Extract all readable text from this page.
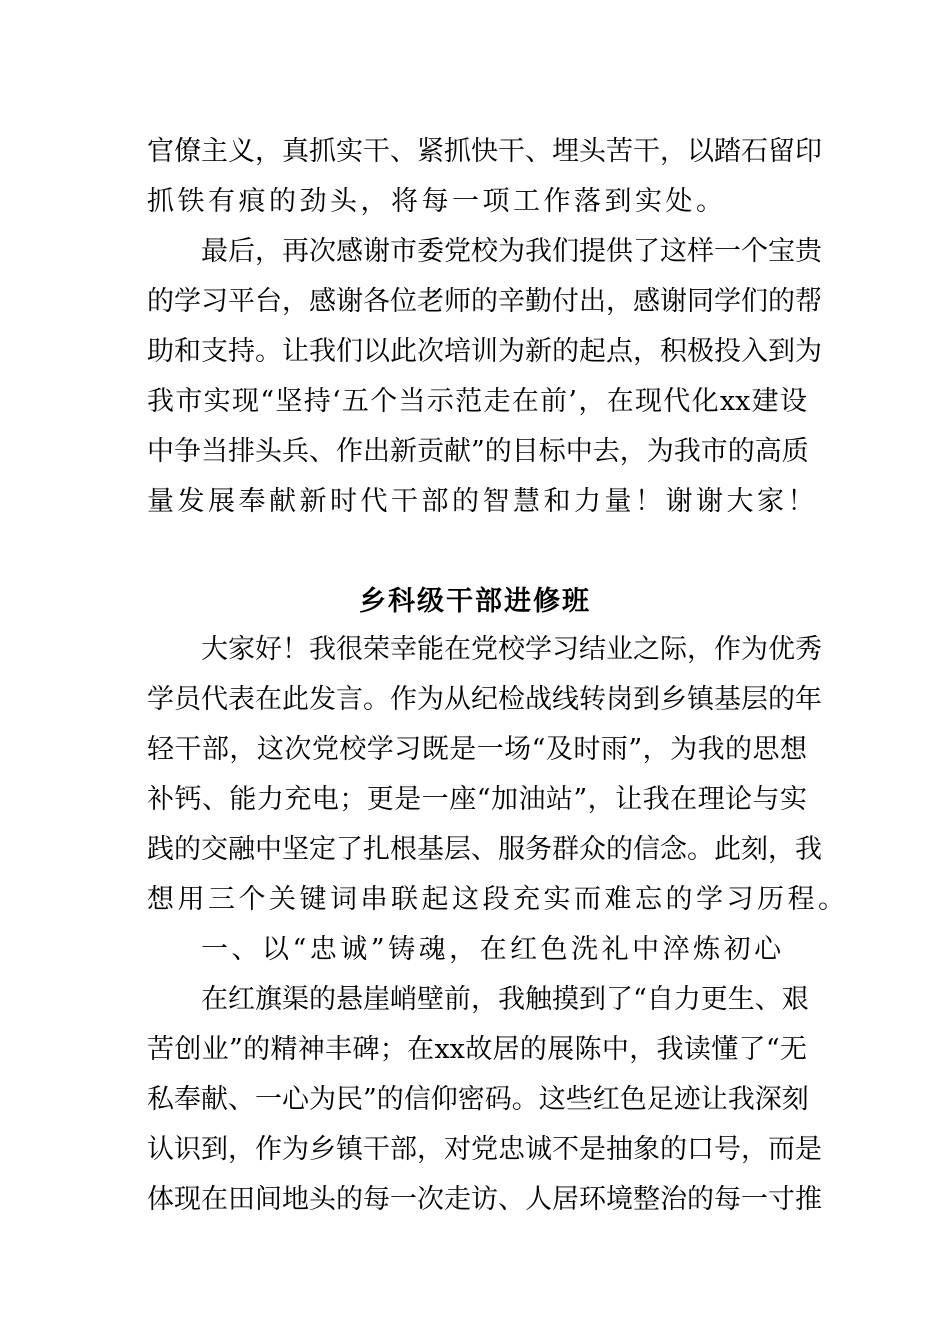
官僚主义，真抓实干、紧抓快干、埋头苦干，以踏石留印
抓铁有痕的劲头，将每一项工作落到实处。
最后，再次感谢市委党校为我们提供了这样一个宝贵
的学习平台，感谢各位老师的辛勤付出，感谢同学们的帮
助和支持。让我们以此次培训为新的起点，积极投入到为
我市实现“坚持‘五个当示范走在前’，在现代化xx建设
中争当排头兵、作出新贡献”的目标中去，为我市的高质
量发展奉献新时代干部的智慧和力量！谢谢大家！
乡科级干部进修班
大家好！我很荣幸能在党校学习结业之际，作为优秀
学员代表在此发言。作为从纪检战线转岗到乡镇基层的年
轻干部，这次党校学习既是一场“及时雨”，为我的思想
补钙、能力充电；更是一座“加油站”，让我在理论与实
践的交融中坚定了扎根基层、服务群众的信念。此刻，我
想用三个关键词串联起这段充实而难忘的学习历程。
一、以“忠诚”铸魂，在红色洗礼中淬炼初心
在红旗渠的悬崖峭壁前，我触摸到了“自力更生、艰
苦创业”的精神丰碑；在xx故居的展陈中，我读懂了“无
私奉献、一心为民”的信仰密码。这些红色足迹让我深刻
认识到，作为乡镇干部，对党忠诚不是抽象的口号，而是
体现在田间地头的每一次走访、人居环境整治的每一寸推
